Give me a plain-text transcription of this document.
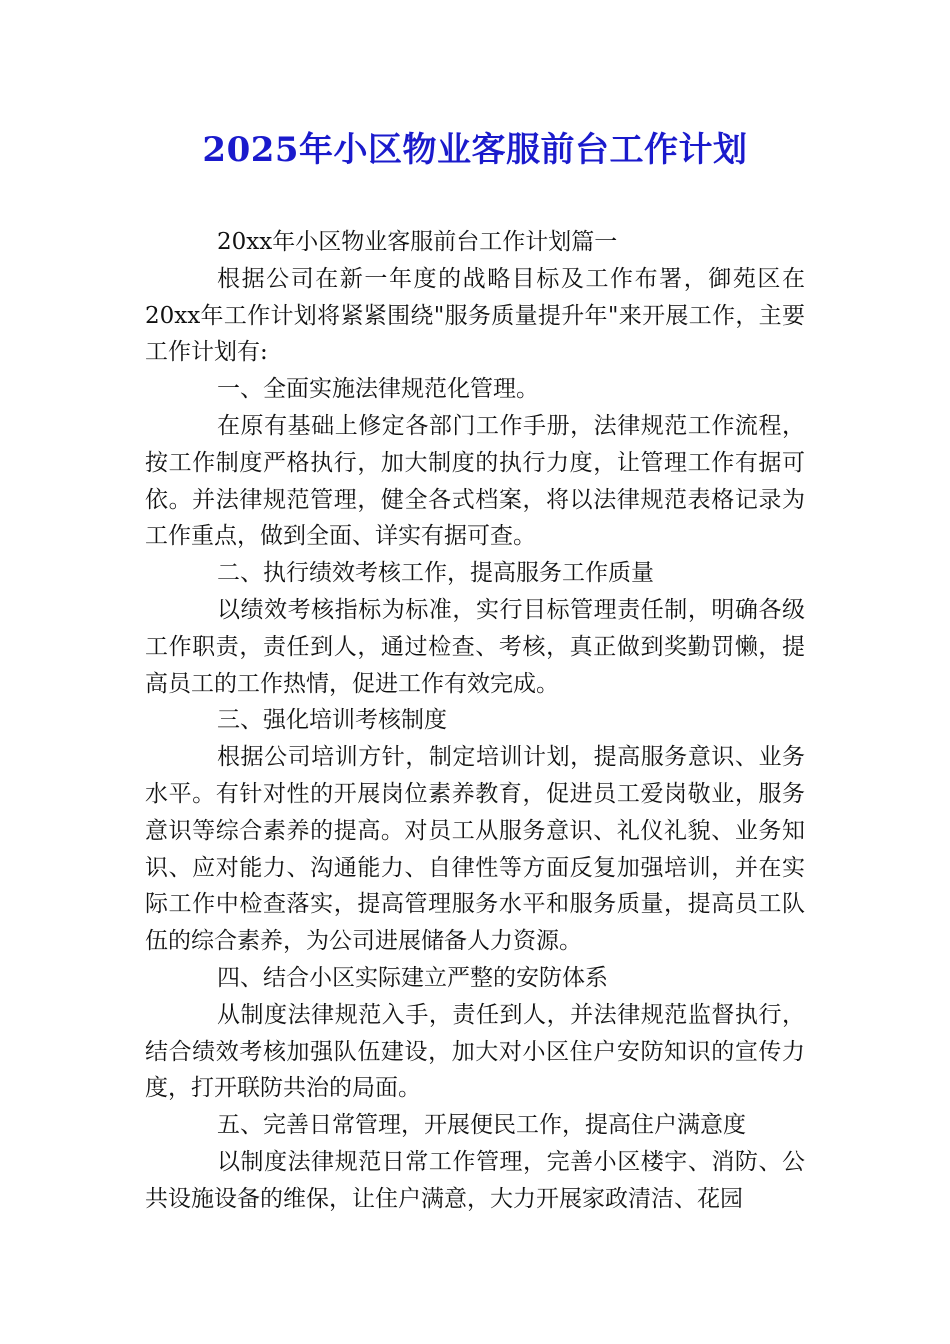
2025年小区物业客服前台工作计划

20xx年小区物业客服前台工作计划篇一

根据公司在新一年度的战略目标及工作布署，御苑区在20xx年工作计划将紧紧围绕"服务质量提升年"来开展工作，主要工作计划有:

一、全面实施法律规范化管理。

在原有基础上修定各部门工作手册，法律规范工作流程，按工作制度严格执行，加大制度的执行力度，让管理工作有据可依。并法律规范管理，健全各式档案，将以法律规范表格记录为工作重点，做到全面、详实有据可查。

二、执行绩效考核工作，提高服务工作质量

以绩效考核指标为标准，实行目标管理责任制，明确各级工作职责，责任到人，通过检查、考核，真正做到奖勤罚懒，提高员工的工作热情，促进工作有效完成。

三、强化培训考核制度

根据公司培训方针，制定培训计划，提高服务意识、业务水平。有针对性的开展岗位素养教育，促进员工爱岗敬业，服务意识等综合素养的提高。对员工从服务意识、礼仪礼貌、业务知识、应对能力、沟通能力、自律性等方面反复加强培训，并在实际工作中检查落实，提高管理服务水平和服务质量，提高员工队伍的综合素养，为公司进展储备人力资源。

四、结合小区实际建立严整的安防体系

从制度法律规范入手，责任到人，并法律规范监督执行，结合绩效考核加强队伍建设，加大对小区住户安防知识的宣传力度，打开联防共治的局面。

五、完善日常管理，开展便民工作，提高住户满意度

以制度法律规范日常工作管理，完善小区楼宇、消防、公共设施设备的维保，让住户满意，大力开展家政清洁、花园
